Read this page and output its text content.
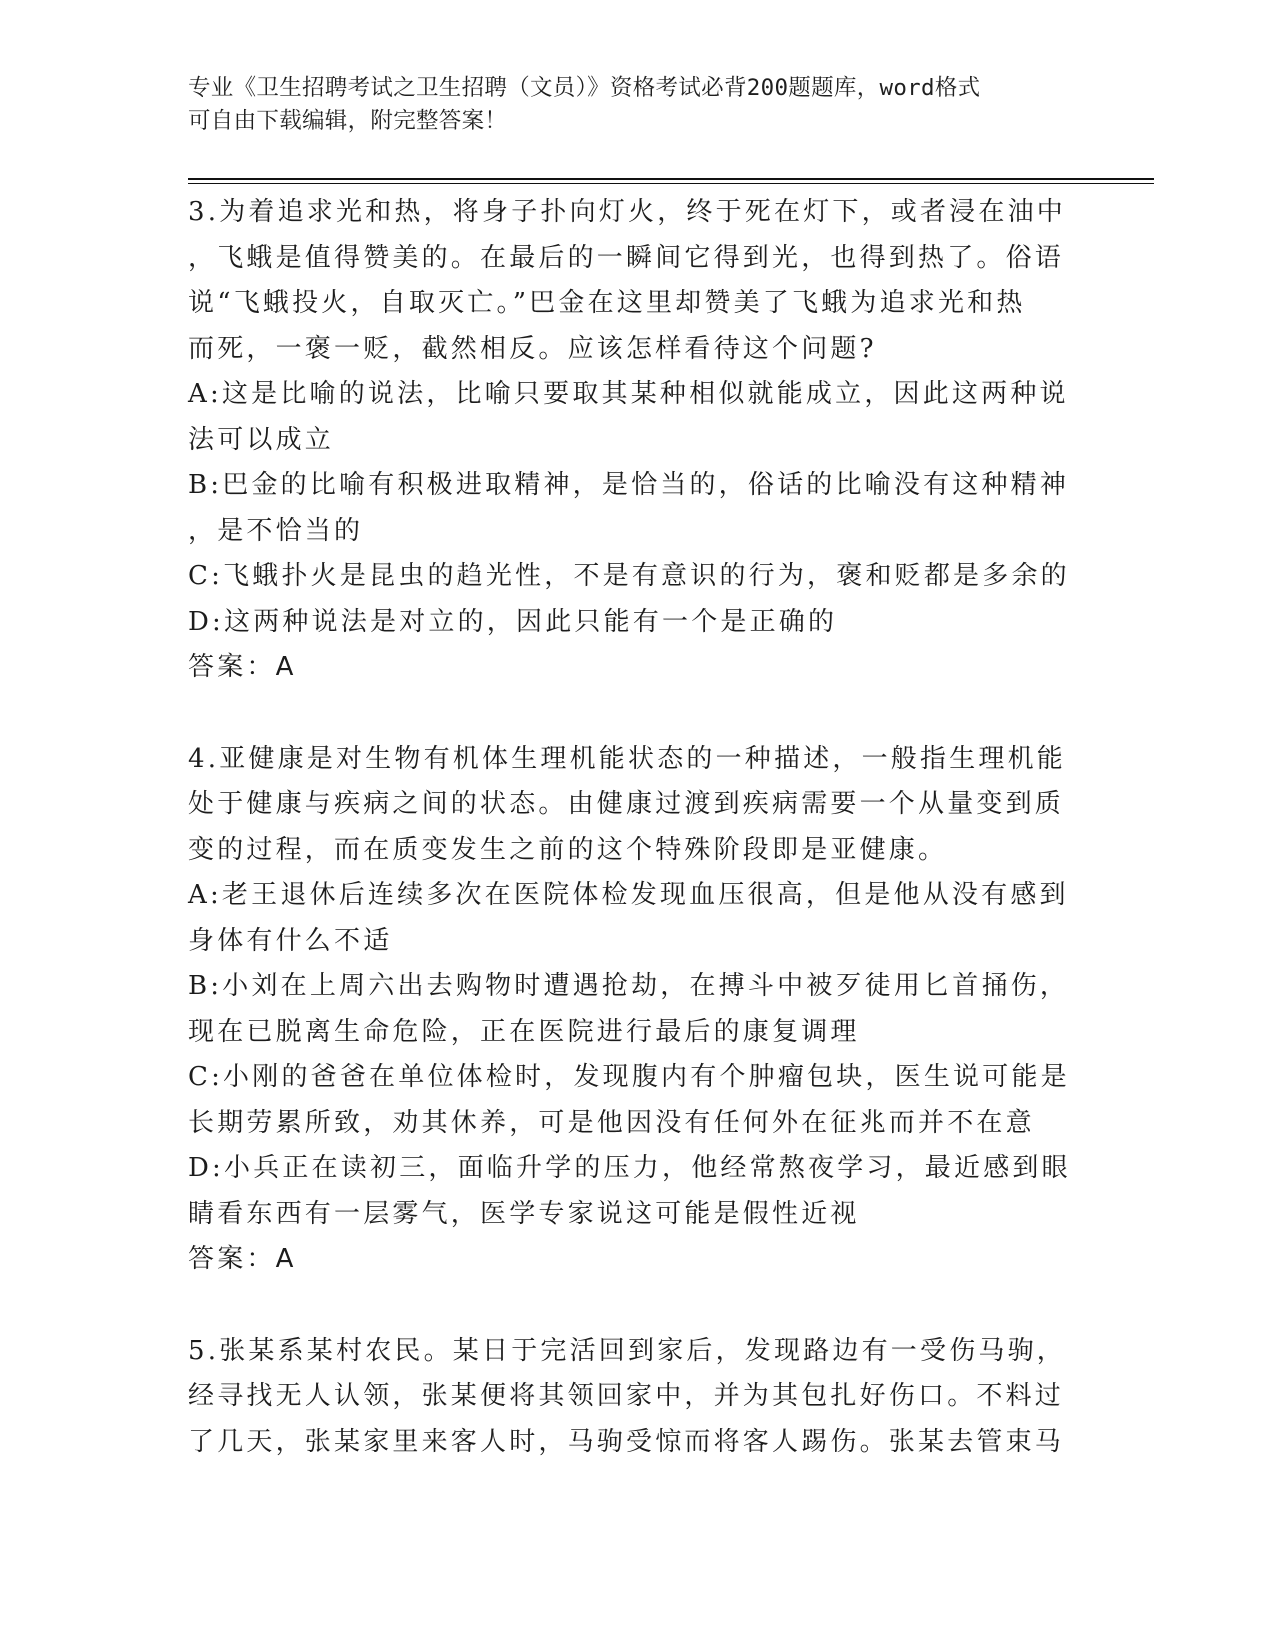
专业《卫生招聘考试之卫生招聘（文员）》资格考试必背200题题库，word格式
可自由下载编辑，附完整答案！

3.为着追求光和热，将身子扑向灯火，终于死在灯下，或者浸在油中

，飞蛾是值得赞美的。在最后的一瞬间它得到光，也得到热了。俗语

说“飞蛾投火，自取灭亡。”巴金在这里却赞美了飞蛾为追求光和热

而死，一褒一贬，截然相反。应该怎样看待这个问题?

A:这是比喻的说法，比喻只要取其某种相似就能成立，因此这两种说

法可以成立

B:巴金的比喻有积极进取精神，是恰当的，俗话的比喻没有这种精神

，是不恰当的

C:飞蛾扑火是昆虫的趋光性，不是有意识的行为，褒和贬都是多余的

D:这两种说法是对立的，因此只能有一个是正确的

答案：A

4.亚健康是对生物有机体生理机能状态的一种描述，一般指生理机能

处于健康与疾病之间的状态。由健康过渡到疾病需要一个从量变到质

变的过程，而在质变发生之前的这个特殊阶段即是亚健康。

A:老王退休后连续多次在医院体检发现血压很高，但是他从没有感到

身体有什么不适

B:小刘在上周六出去购物时遭遇抢劫，在搏斗中被歹徒用匕首捅伤，

现在已脱离生命危险，正在医院进行最后的康复调理

C:小刚的爸爸在单位体检时，发现腹内有个肿瘤包块，医生说可能是

长期劳累所致，劝其休养，可是他因没有任何外在征兆而并不在意

D:小兵正在读初三，面临升学的压力，他经常熬夜学习，最近感到眼

睛看东西有一层雾气，医学专家说这可能是假性近视

答案：A

5.张某系某村农民。某日于完活回到家后，发现路边有一受伤马驹，

经寻找无人认领，张某便将其领回家中，并为其包扎好伤口。不料过

了几天，张某家里来客人时，马驹受惊而将客人踢伤。张某去管束马
